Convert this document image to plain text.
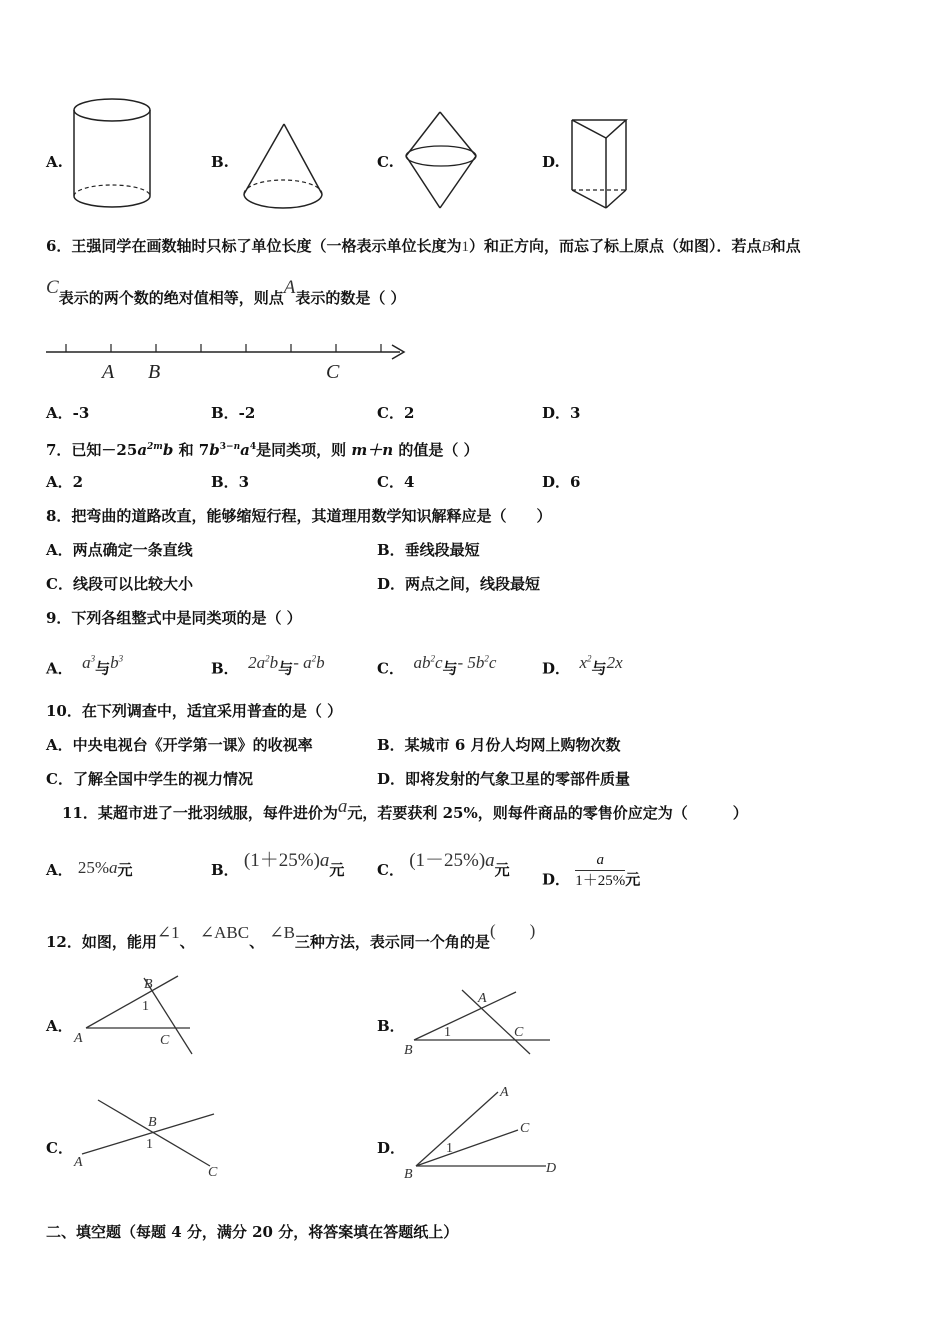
A.	B.	C.	D.
6．王强同学在画数轴时只标了单位长度（一格表示单位长度为1）和正方向，而忘了标上原点（如图）．若点B和点
C表示的两个数的绝对值相等，则点A表示的数是（ ）
A B	C
A．-3	B．-2	C．2	D．3
7．已知$-25a^{2m}b$ 和 $7b^{3-n}a^4$是同类项，则 m＋n 的值是（ ）
A．2	B．3	C．4	D．6
8．把弯曲的道路改直，能够缩短行程，其道理用数学知识解释应是（　　）
A．两点确定一条直线	B．垂线段最短
C．线段可以比较大小	D．两点之间，线段最短
9．下列各组整式中是同类项的是（ ）
A．  $a^3$与$b^3$
B．  $2a^2b$与- $a^2b$	C．  $ab^2c$与- $5b^2c$	D．  $x^2$与2x
10．在下列调查中，适宜采用普查的是（ ）
A．中央电视台《开学第一课》的收视率	B．某城市 6 月份人均网上购物次数
C．了解全国中学生的视力情况	D．即将发射的气象卫星的零部件质量
11．某超市进了一批羽绒服，每件进价为a元，若要获利 25%，则每件商品的零售价应定为（　　　）
A． 25%a元	B． (1＋25%)a元 C． (1－25%)a元
D． $\frac{a}{1+25\%}$ 元
12．如图，能用∠1、 ∠ABC、 ∠B三种方法，表示同一个角的是(　　)
A．
B
1
A	C
B．
A
1
B
C
C．
B
1
A
C
D．
A
C
1
B	D
二、填空题（每题 4 分，满分 20 分，将答案填在答题纸上）
